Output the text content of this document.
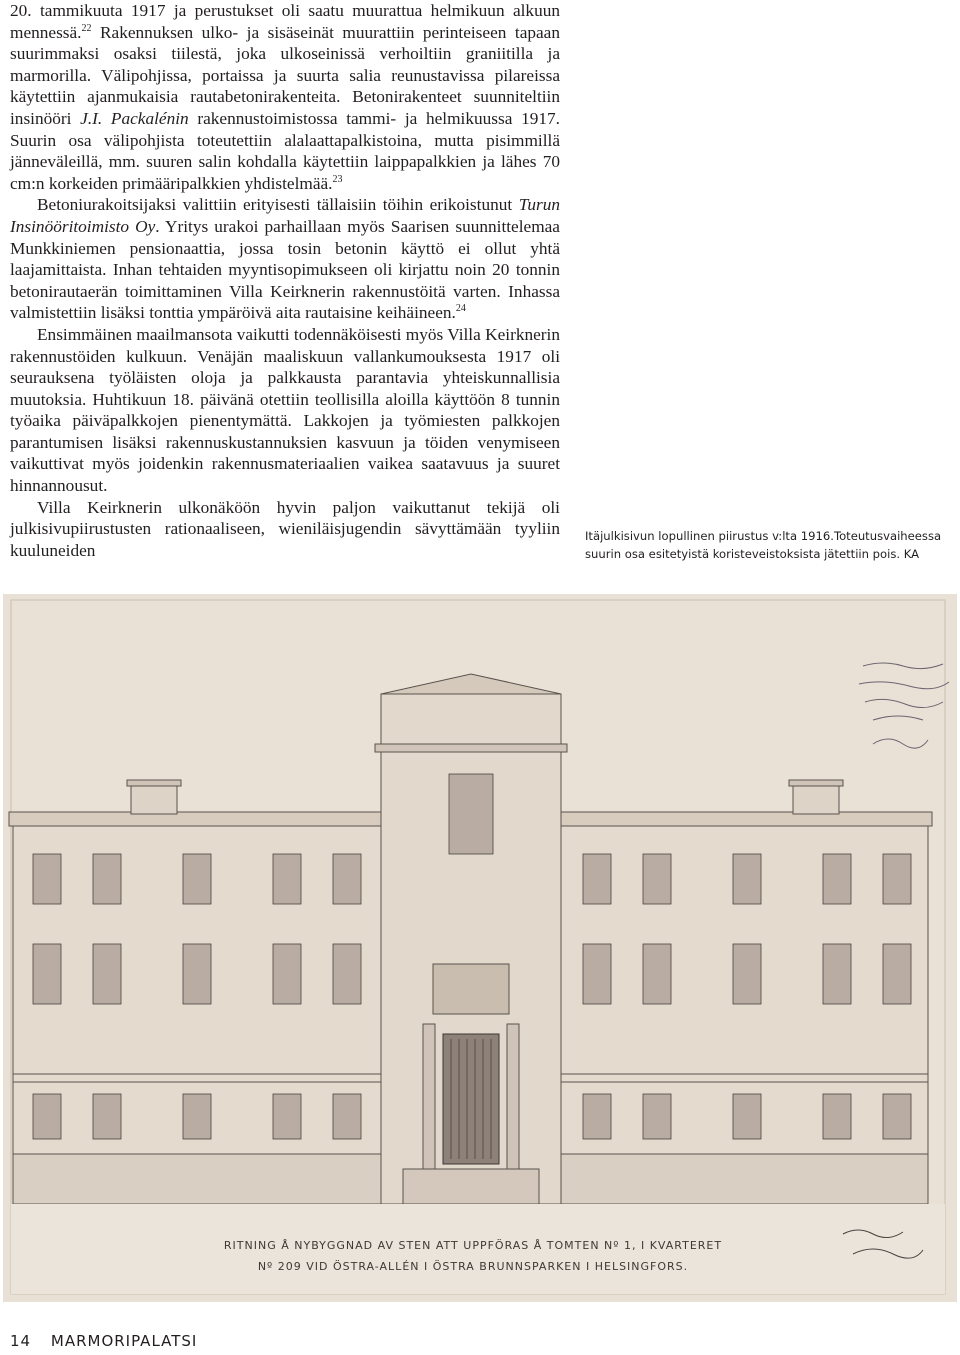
20. tammikuuta 1917 ja perustukset oli saatu muurattua helmikuun alkuun mennessä.$^{22}$ Rakennuksen ulko- ja sisäseinät muurattiin perinteiseen tapaan suurimmaksi osaksi tiilestä, joka ulkoseinissä verhoiltiin graniitilla ja marmorilla. Välipohjissa, portaissa ja suurta salia reunustavissa pilareissa käytettiin ajanmukaisia rautabetonirakenteita. Betonirakenteet suunniteltiin insinööri J.I. Packalénin rakennustoimistossa tammi- ja helmikuussa 1917. Suurin osa välipohjista toteutettiin alalaattapalkistoina, mutta pisimmillä jänneväleillä, mm. suuren salin kohdalla käytettiin laippapalkkien ja lähes 70 cm:n korkeiden primääripalkkien yhdistelmää.$^{23}$

Betoniurakoitsijaksi valittiin erityisesti tällaisiin töihin erikoistunut Turun Insinööritoimisto Oy. Yritys urakoi parhaillaan myös Saarisen suunnittelemaa Munkkiniemen pensionaattia, jossa tosin betonin käyttö ei ollut yhtä laajamittaista. Inhan tehtaiden myyntisopimukseen oli kirjattu noin 20 tonnin betonirautaerän toimittaminen Villa Keirknerin rakennustöitä varten. Inhassa valmistettiin lisäksi tonttia ympäröivä aita rautaisine keihäineen.$^{24}$

Ensimmäinen maailmansota vaikutti todennäköisesti myös Villa Keirknerin rakennustöiden kulkuun. Venäjän maaliskuun vallankumouksesta 1917 oli seurauksena työläisten oloja ja palkkausta parantavia yhteiskunnallisia muutoksia. Huhtikuun 18. päivänä otettiin teollisilla aloilla käyttöön 8 tunnin työaika päiväpalkkojen pienentymättä. Lakkojen ja työmiesten palkkojen parantumisen lisäksi rakennuskustannuksien kasvuun ja töiden venymiseen vaikuttivat myös joidenkin rakennusmateriaalien vaikea saatavuus ja suuret hinnannousut.

Villa Keirknerin ulkonäköön hyvin paljon vaikuttanut tekijä oli julkisivupiirustusten rationaaliseen, wieniläisjugendin sävyttämään tyyliin kuuluneiden

Itäjulkisivun lopullinen piirustus v:lta 1916.Toteutusvaiheessa suurin osa esitetyistä koristeveistoksista jätettiin pois. KA
RITNING Å NYBYGGNAD AV STEN ATT UPPFÖRAS Å TOMTEN Nº 1, I KVARTERET
Nº 209 VID ÖSTRA-ALLÉN I ÖSTRA BRUNNSPARKEN I HELSINGFORS.
14 MARMORIPALATSI
